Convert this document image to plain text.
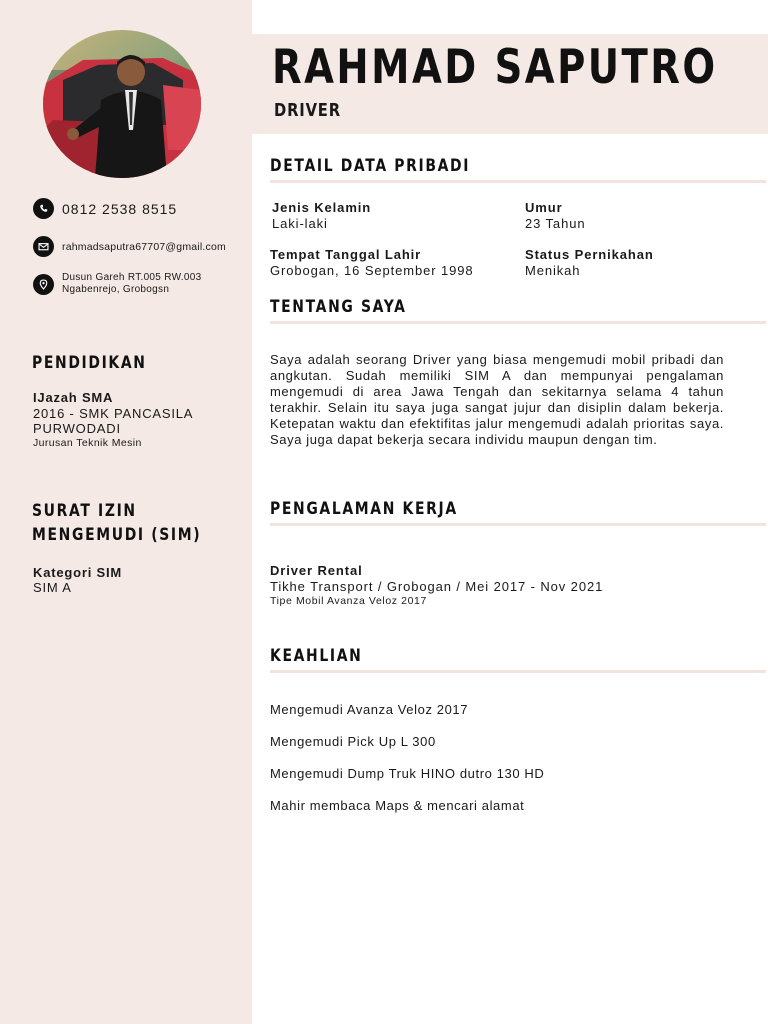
RAHMAD SAPUTRO
DRIVER
0812 2538 8515
rahmadsaputra67707@gmail.com
Dusun Gareh RT.005 RW.003
Ngabenrejo, Grobogsn
PENDIDIKAN
IJazah SMA
2016 - SMK PANCASILA
PURWODADI
Jurusan Teknik Mesin
SURAT IZIN
MENGEMUDI (SIM)
Kategori SIM
SIM A
DETAIL DATA PRIBADI
Jenis Kelamin
Laki-laki
Umur
23 Tahun
Tempat Tanggal Lahir
Grobogan, 16 September 1998
Status Pernikahan
Menikah
TENTANG SAYA

Saya adalah seorang Driver yang biasa mengemudi mobil pribadi dan angkutan. Sudah memiliki SIM A dan mempunyai pengalaman mengemudi di area Jawa Tengah dan sekitarnya selama 4 tahun terakhir. Selain itu saya juga sangat jujur dan disiplin dalam bekerja. Ketepatan waktu dan efektifitas jalur mengemudi adalah prioritas saya. Saya juga dapat bekerja secara individu maupun dengan tim.

PENGALAMAN KERJA
Driver Rental
Tikhe Transport / Grobogan / Mei 2017 - Nov 2021
Tipe Mobil Avanza Veloz 2017
KEAHLIAN
Mengemudi Avanza Veloz 2017
Mengemudi Pick Up L 300
Mengemudi Dump Truk HINO dutro 130 HD
Mahir membaca Maps & mencari alamat
